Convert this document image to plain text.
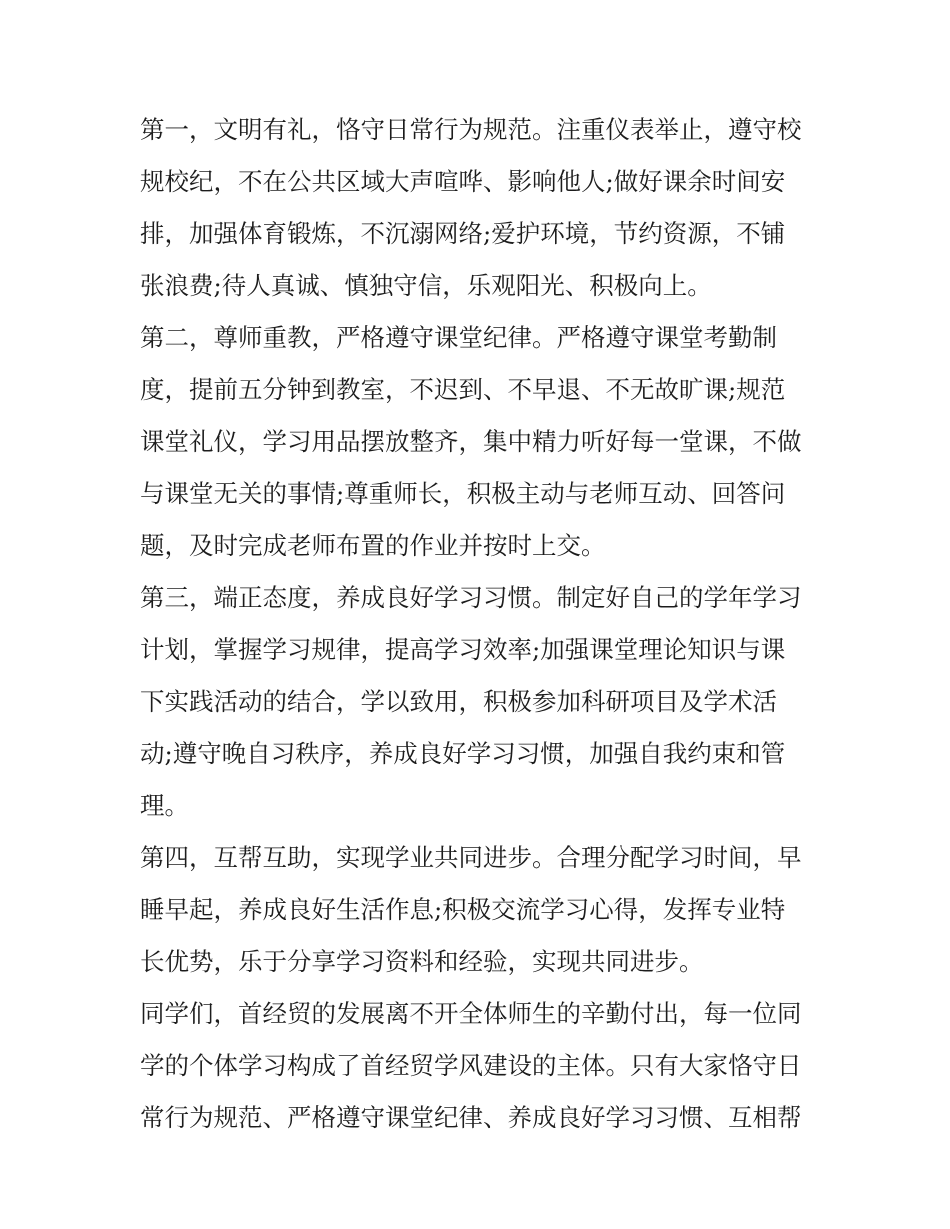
第一，文明有礼，恪守日常行为规范。注重仪表举止，遵守校
规校纪，不在公共区域大声喧哗、影响他人;做好课余时间安
排，加强体育锻炼，不沉溺网络;爱护环境，节约资源，不铺
张浪费;待人真诚、慎独守信，乐观阳光、积极向上。
第二，尊师重教，严格遵守课堂纪律。严格遵守课堂考勤制
度，提前五分钟到教室，不迟到、不早退、不无故旷课;规范
课堂礼仪，学习用品摆放整齐，集中精力听好每一堂课，不做
与课堂无关的事情;尊重师长，积极主动与老师互动、回答问
题，及时完成老师布置的作业并按时上交。
第三，端正态度，养成良好学习习惯。制定好自己的学年学习
计划，掌握学习规律，提高学习效率;加强课堂理论知识与课
下实践活动的结合，学以致用，积极参加科研项目及学术活
动;遵守晚自习秩序，养成良好学习习惯，加强自我约束和管
理。
第四，互帮互助，实现学业共同进步。合理分配学习时间，早
睡早起，养成良好生活作息;积极交流学习心得，发挥专业特
长优势，乐于分享学习资料和经验，实现共同进步。
同学们，首经贸的发展离不开全体师生的辛勤付出，每一位同
学的个体学习构成了首经贸学风建设的主体。只有大家恪守日
常行为规范、严格遵守课堂纪律、养成良好学习习惯、互相帮
